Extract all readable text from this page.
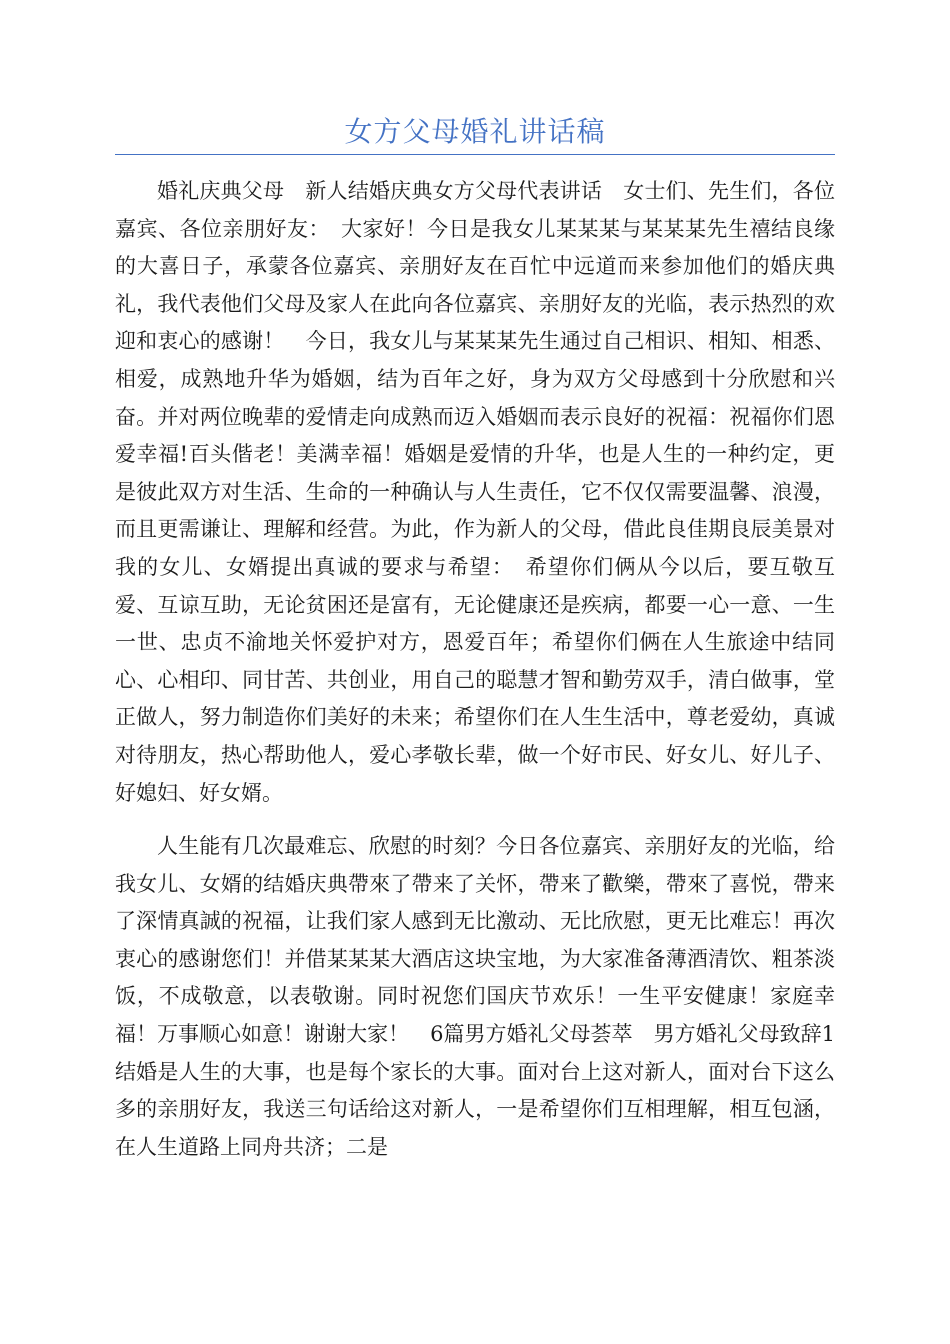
女方父母婚礼讲话稿

婚礼庆典父母　新人结婚庆典女方父母代表讲话　女士们、先生们，各位嘉宾、各位亲朋好友：　大家好！今日是我女儿某某某与某某某先生禧结良缘的大喜日子，承蒙各位嘉宾、亲朋好友在百忙中远道而来参加他们的婚庆典礼，我代表他们父母及家人在此向各位嘉宾、亲朋好友的光临，表示热烈的欢迎和衷心的感谢！　今日，我女儿与某某某先生通过自己相识、相知、相悉、相爱，成熟地升华为婚姻，结为百年之好，身为双方父母感到十分欣慰和兴奋。并对两位晚辈的爱情走向成熟而迈入婚姻而表示良好的祝福：祝福你们恩爱幸福!百头偕老！美满幸福！婚姻是爱情的升华，也是人生的一种约定，更是彼此双方对生活、生命的一种确认与人生责任，它不仅仅需要温馨、浪漫，而且更需谦让、理解和经营。为此，作为新人的父母，借此良佳期良辰美景对我的女儿、女婿提出真诚的要求与希望：　希望你们俩从今以后，要互敬互爱、互谅互助，无论贫困还是富有，无论健康还是疾病，都要一心一意、一生一世、忠贞不渝地关怀爱护对方，恩爱百年；希望你们俩在人生旅途中结同心、心相印、同甘苦、共创业，用自己的聪慧才智和勤劳双手，清白做事，堂正做人，努力制造你们美好的未来；希望你们在人生生活中，尊老爱幼，真诚对待朋友，热心帮助他人，爱心孝敬长辈，做一个好市民、好女儿、好儿子、好媳妇、好女婿。

人生能有几次最难忘、欣慰的时刻？今日各位嘉宾、亲朋好友的光临，给我女儿、女婿的结婚庆典帶來了帶来了关怀，帶来了歡樂，帶來了喜悦，帶来了深情真誠的祝福，让我们家人感到无比激动、无比欣慰，更无比难忘！再次衷心的感谢您们！并借某某某大酒店这块宝地，为大家准备薄酒清饮、粗茶淡饭，不成敬意，以表敬谢。同时祝您们国庆节欢乐！一生平安健康！家庭幸福！万事顺心如意！谢谢大家！　6篇男方婚礼父母荟萃　男方婚礼父母致辞1　结婚是人生的大事，也是每个家长的大事。面对台上这对新人，面对台下这么多的亲朋好友，我送三句话给这对新人，一是希望你们互相理解，相互包涵，在人生道路上同舟共济；二是
